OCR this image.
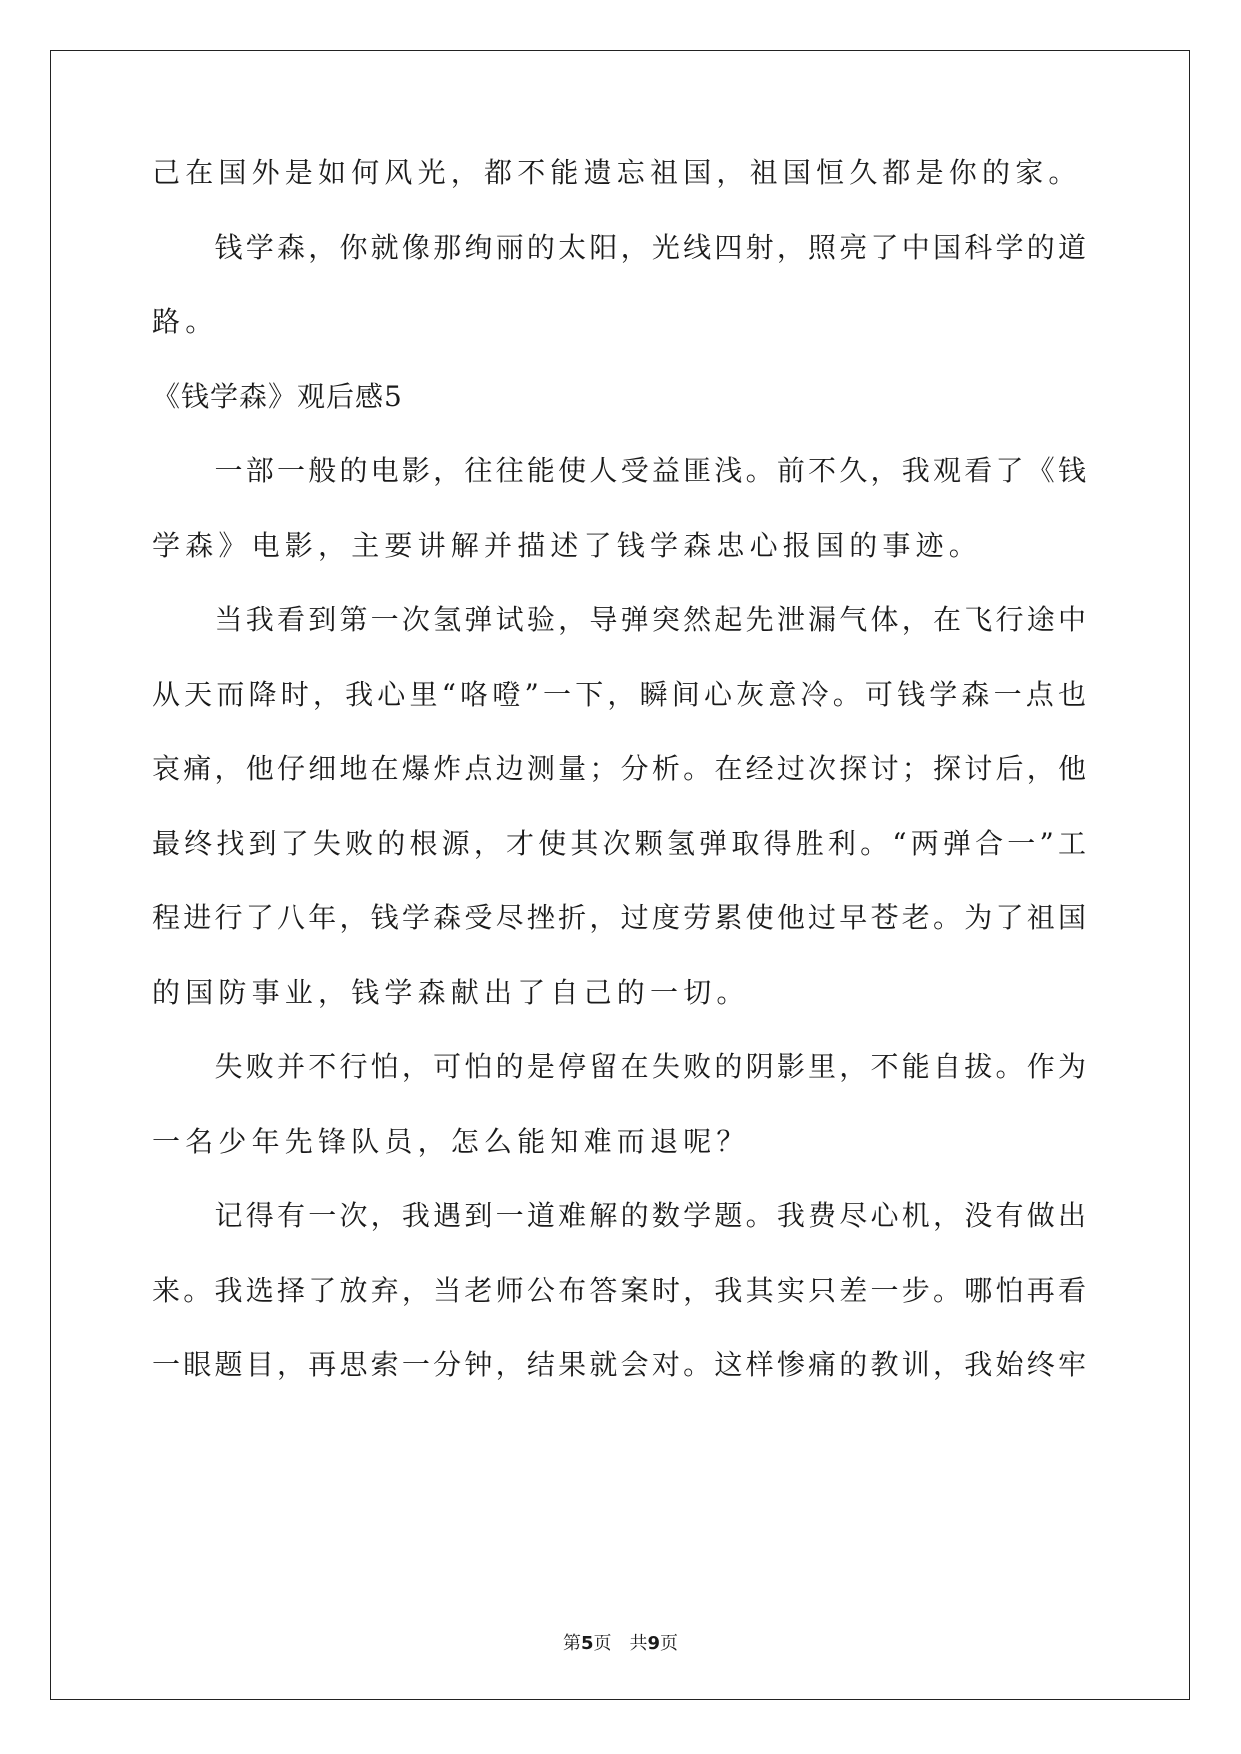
己在国外是如何风光，都不能遗忘祖国，祖国恒久都是你的家。
　　钱学森，你就像那绚丽的太阳，光线四射，照亮了中国科学的道
路。
《钱学森》观后感5
　　一部一般的电影，往往能使人受益匪浅。前不久，我观看了《钱
学森》电影，主要讲解并描述了钱学森忠心报国的事迹。
　　当我看到第一次氢弹试验，导弹突然起先泄漏气体，在飞行途中
从天而降时，我心里“咯噔”一下，瞬间心灰意冷。可钱学森一点也
哀痛，他仔细地在爆炸点边测量；分析。在经过次探讨；探讨后，他
最终找到了失败的根源，才使其次颗氢弹取得胜利。“两弹合一”工
程进行了八年，钱学森受尽挫折，过度劳累使他过早苍老。为了祖国
的国防事业，钱学森献出了自己的一切。
　　失败并不行怕，可怕的是停留在失败的阴影里，不能自拔。作为
一名少年先锋队员，怎么能知难而退呢？
　　记得有一次，我遇到一道难解的数学题。我费尽心机，没有做出
来。我选择了放弃，当老师公布答案时，我其实只差一步。哪怕再看
一眼题目，再思索一分钟，结果就会对。这样惨痛的教训，我始终牢
第5页　共9页
